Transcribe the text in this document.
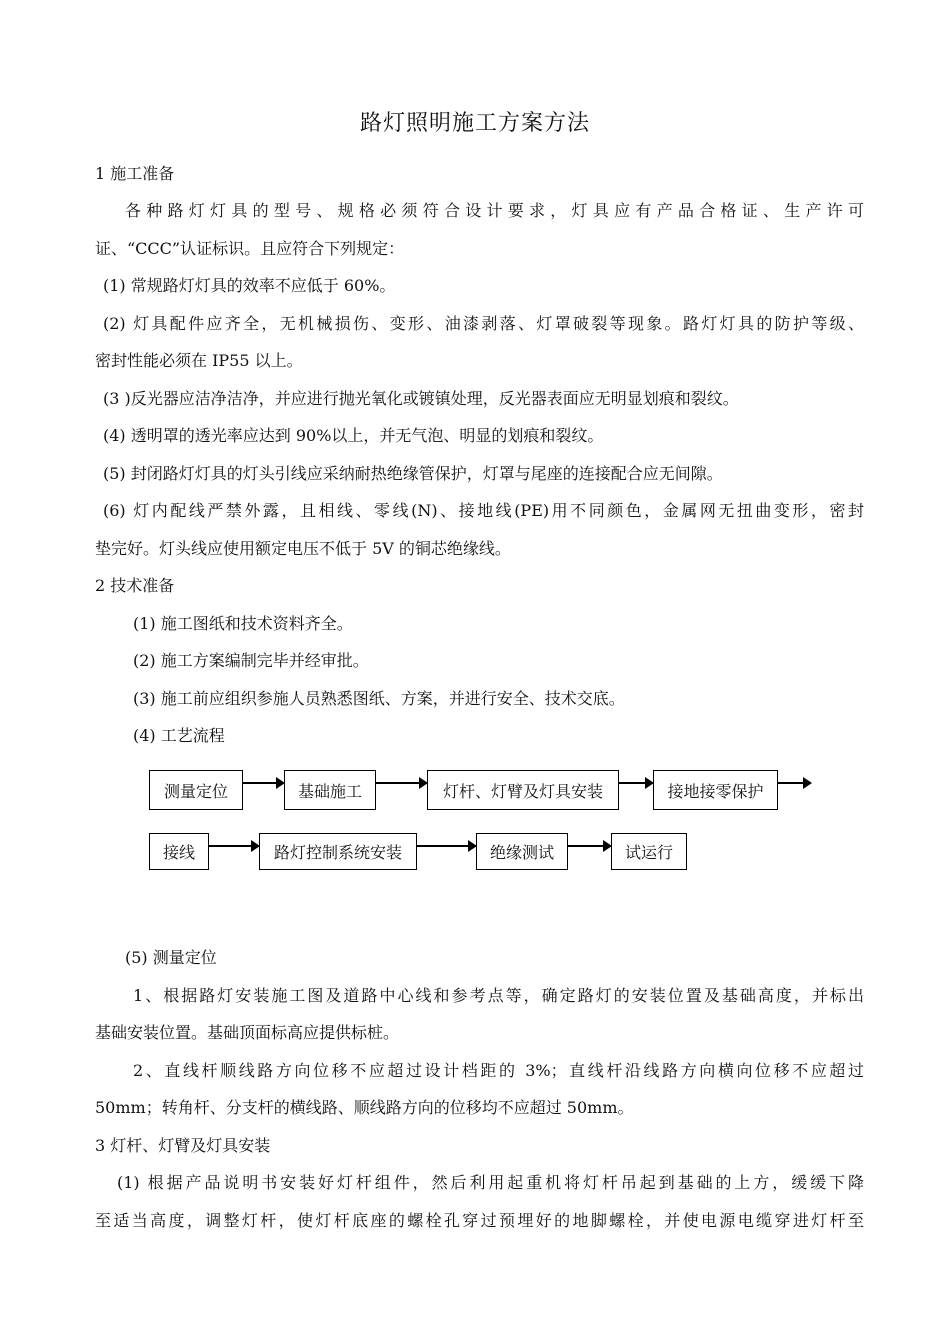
路灯照明施工方案方法
1 施工准备
各种路灯灯具的型号、规格必须符合设计要求，灯具应有产品合格证、生产许可
证、“CCC”认证标识。且应符合下列规定：
(1) 常规路灯灯具的效率不应低于 60%。
(2) 灯具配件应齐全，无机械损伤、变形、油漆剥落、灯罩破裂等现象。路灯灯具的防护等级、
密封性能必须在 IP55 以上。
(3 )反光器应洁净洁净，并应进行抛光氧化或镀镇处理，反光器表面应无明显划痕和裂纹。
(4) 透明罩的透光率应达到 90%以上，并无气泡、明显的划痕和裂纹。
(5) 封闭路灯灯具的灯头引线应采纳耐热绝缘管保护，灯罩与尾座的连接配合应无间隙。
(6) 灯内配线严禁外露，且相线、零线(N)、接地线(PE)用不同颜色，金属网无扭曲变形，密封
垫完好。灯头线应使用额定电压不低于 5V 的铜芯绝缘线。
2 技术准备
(1) 施工图纸和技术资料齐全。
(2) 施工方案编制完毕并经审批。
(3) 施工前应组织参施人员熟悉图纸、方案，并进行安全、技术交底。
(4) 工艺流程
测量定位	基础施工	灯杆、灯臂及灯具安装	接地接零保护
接线	路灯控制系统安装	绝缘测试	试运行
(5) 测量定位
1、根据路灯安装施工图及道路中心线和参考点等，确定路灯的安装位置及基础高度，并标出
基础安装位置。基础顶面标高应提供标桩。
2、直线杆顺线路方向位移不应超过设计档距的 3%；直线杆沿线路方向横向位移不应超过
50mm；转角杆、分支杆的横线路、顺线路方向的位移均不应超过 50mm。
3 灯杆、灯臂及灯具安装
(1) 根据产品说明书安装好灯杆组件，然后利用起重机将灯杆吊起到基础的上方，缓缓下降
至适当高度，调整灯杆，使灯杆底座的螺栓孔穿过预埋好的地脚螺栓，并使电源电缆穿进灯杆至
